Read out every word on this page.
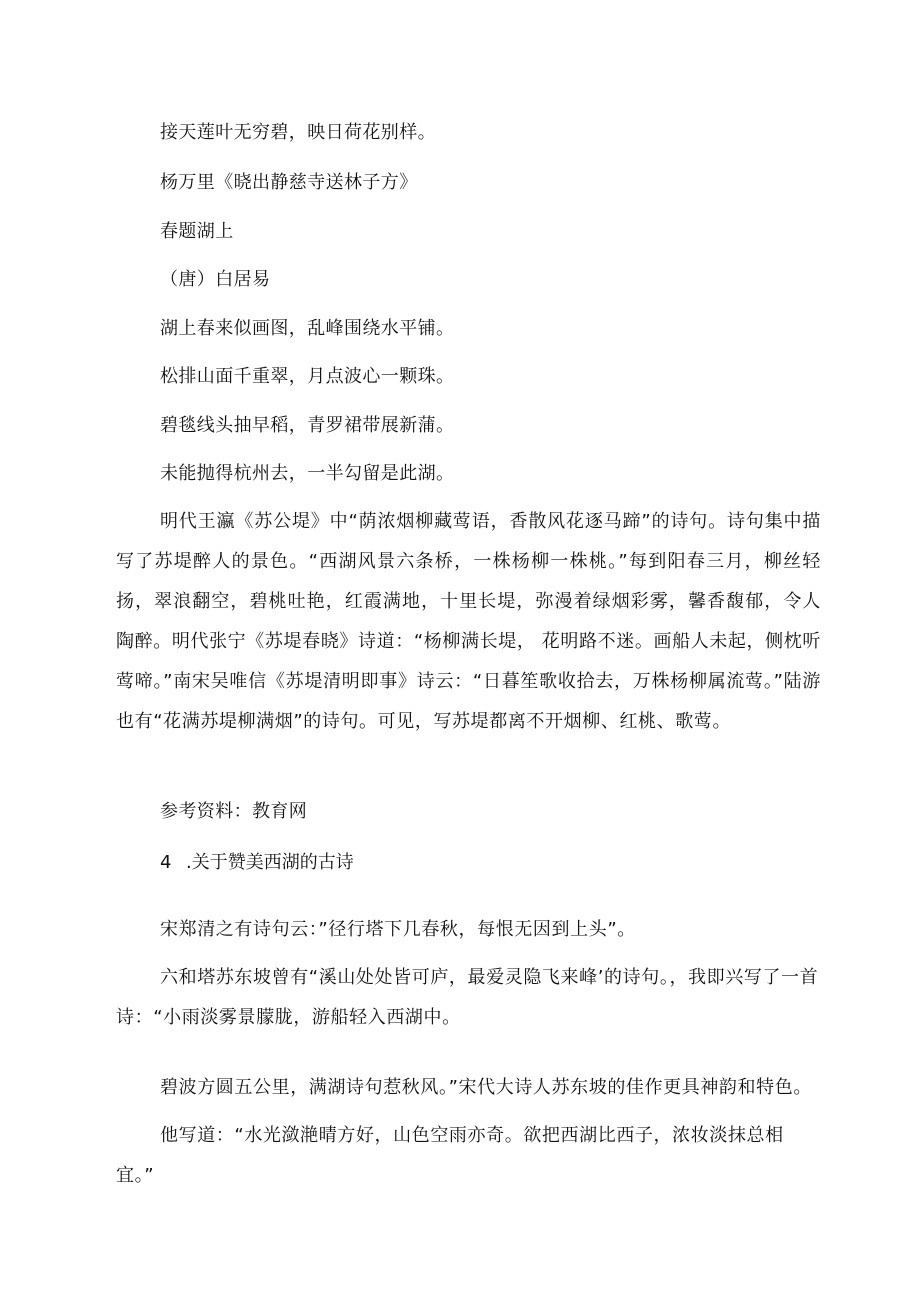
接天莲叶无穷碧，映日荷花别样。
杨万里《晓出静慈寺送林子方》
春题湖上
（唐）白居易
湖上春来似画图，乱峰围绕水平铺。
松排山面千重翠，月点波心一颗珠。
碧毯线头抽早稻，青罗裙带展新蒲。
未能抛得杭州去，一半勾留是此湖。
明代王瀛《苏公堤》中“荫浓烟柳藏莺语，香散风花逐马蹄”的诗句。诗句集中描写了苏堤醉人的景色。“西湖风景六条桥，一株杨柳一株桃。”每到阳春三月，柳丝轻扬，翠浪翻空，碧桃吐艳，红霞满地，十里长堤，弥漫着绿烟彩雾，馨香馥郁，令人陶醉。明代张宁《苏堤春晓》诗道：“杨柳满长堤， 花明路不迷。画船人未起，侧枕听莺啼。”南宋吴唯信《苏堤清明即事》诗云：“日暮笙歌收拾去，万株杨柳属流莺。”陆游也有“花满苏堤柳满烟”的诗句。可见，写苏堤都离不开烟柳、红桃、歌莺。
参考资料：教育网
4 .关于赞美西湖的古诗
宋郑清之有诗句云：”径行塔下几春秋，每恨无因到上头”。
六和塔苏东坡曾有“溪山处处皆可庐，最爱灵隐飞来峰’的诗句。，我即兴写了一首诗：“小雨淡雾景朦胧，游船轻入西湖中。
碧波方圆五公里，满湖诗句惹秋风。”宋代大诗人苏东坡的佳作更具神韵和特色。
他写道：“水光潋滟晴方好，山色空雨亦奇。欲把西湖比西子，浓妆淡抹总相宜。”
